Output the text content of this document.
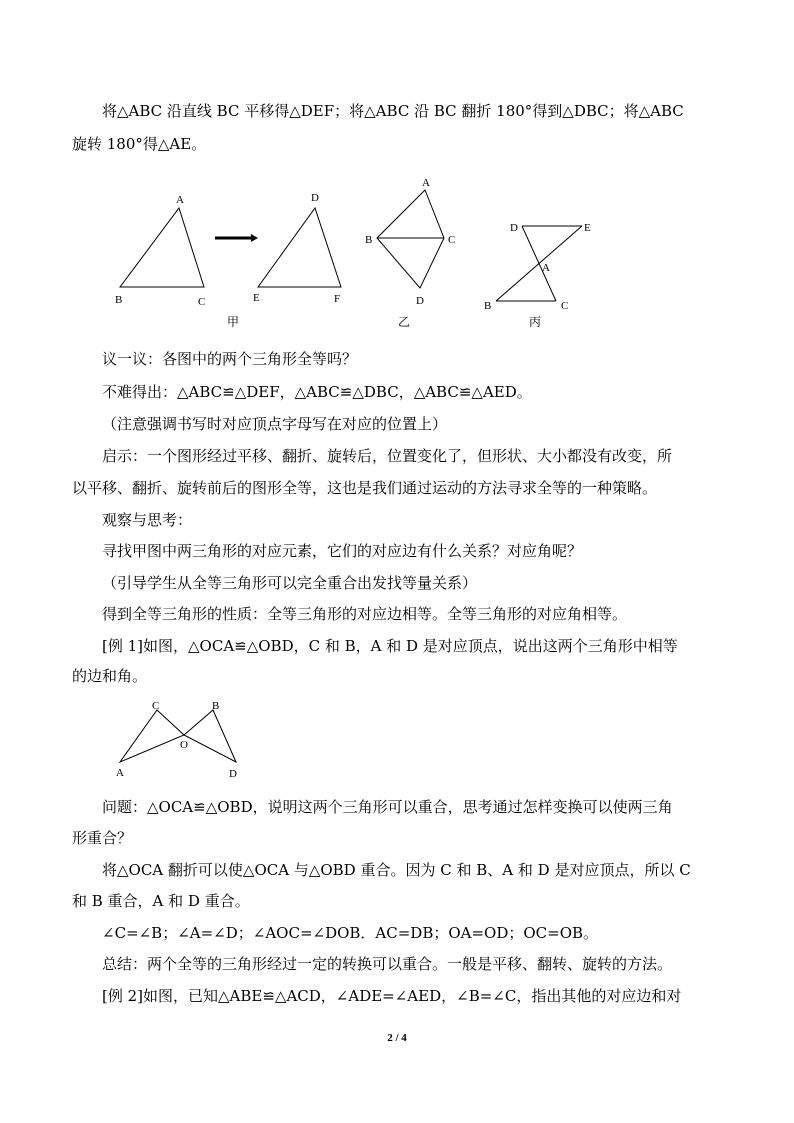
将△ABC 沿直线 BC 平移得△DEF；将△ABC 沿 BC 翻折 180°得到△DBC；将△ABC
旋转 180°得△AE。
A
B	C
D
E	F
甲
A
B	C
D
乙
D	E
A
B	C
丙
议一议：各图中的两个三角形全等吗？
不难得出：△ABC≌△DEF，△ABC≌△DBC，△ABC≌△AED。
（注意强调书写时对应顶点字母写在对应的位置上）
启示：一个图形经过平移、翻折、旋转后，位置变化了，但形状、大小都没有改变，所
以平移、翻折、旋转前后的图形全等，这也是我们通过运动的方法寻求全等的一种策略。
观察与思考：
寻找甲图中两三角形的对应元素，它们的对应边有什么关系？对应角呢？
（引导学生从全等三角形可以完全重合出发找等量关系）
得到全等三角形的性质：全等三角形的对应边相等。全等三角形的对应角相等。
[例 1]如图，△OCA≌△OBD，C 和 B，A 和 D 是对应顶点，说出这两个三角形中相等
的边和角。
C	B
O
A	D
问题：△OCA≌△OBD，说明这两个三角形可以重合，思考通过怎样变换可以使两三角
形重合？
将△OCA 翻折可以使△OCA 与△OBD 重合。因为 C 和 B、A 和 D 是对应顶点，所以 C
和 B 重合，A 和 D 重合。
∠C=∠B；∠A=∠D；∠AOC=∠DOB．AC=DB；OA=OD；OC=OB。
总结：两个全等的三角形经过一定的转换可以重合。一般是平移、翻转、旋转的方法。
[例 2]如图，已知△ABE≌△ACD，∠ADE=∠AED，∠B=∠C，指出其他的对应边和对
2 / 4
